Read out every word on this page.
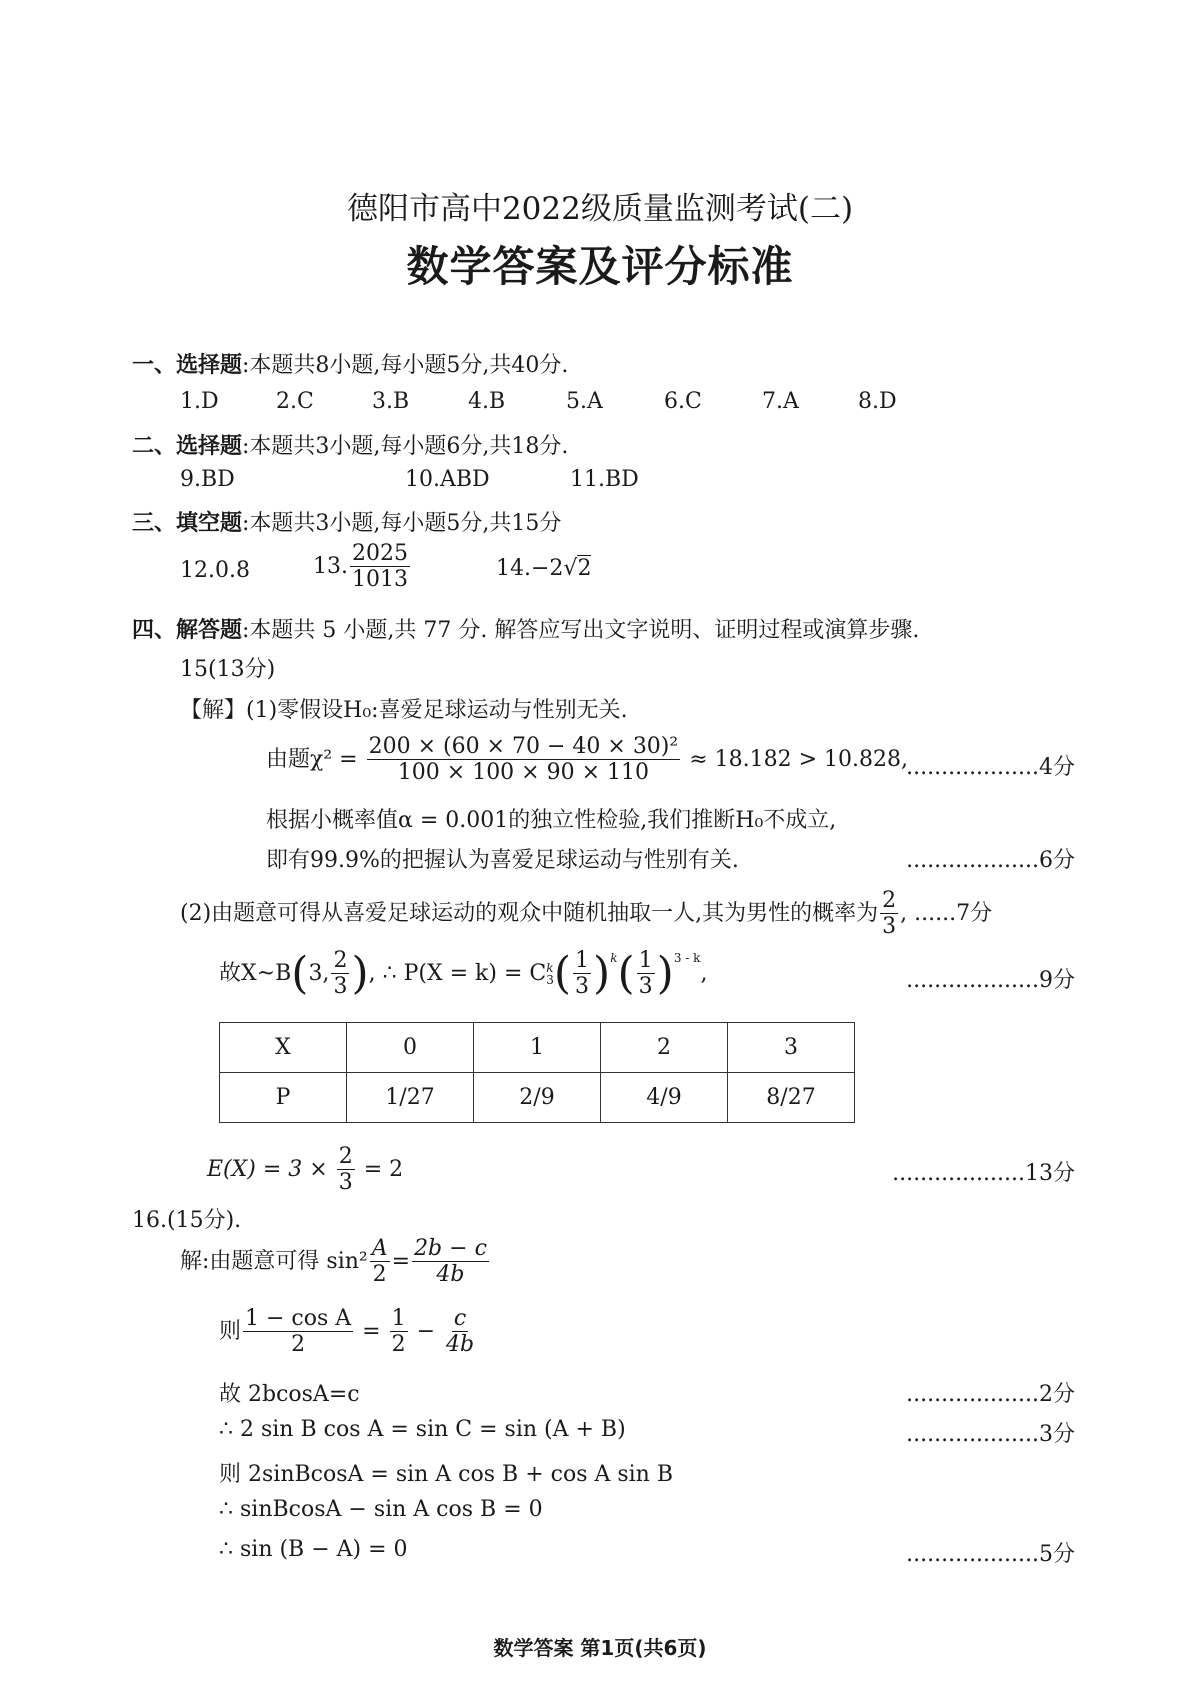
德阳市高中2022级质量监测考试(二)
数学答案及评分标准
一、选择题:本题共8小题,每小题5分,共40分.
1.D	2.C	3.B	4.B	5.A	6.C	7.A	8.D
二、选择题:本题共3小题,每小题6分,共18分.
9.BD	10.ABD	11.BD
三、填空题:本题共3小题,每小题5分,共15分
12.0.8	13. $\frac{2025}{1013}$	14.−2√2
四、解答题:本题共 5 小题,共 77 分. 解答应写出文字说明、证明过程或演算步骤.
15(13分)
【解】(1)零假设H₀:喜爱足球运动与性别无关.
由题$\chi^2 = \frac{\text{200 × (60 × 70 − 40 × 30)²}}{100 \times 100 \times 90 \times 110} \approx 18.182 > 10.828$,
...................4分
根据小概率值α = 0.001的独立性检验,我们推断H₀不成立,
即有99.9%的把握认为喜爱足球运动与性别有关.	...................6分
(2)由题意可得从喜爱足球运动的观众中随机抽取一人,其为男性的概率为 $\frac{2}{3}$ , ......7分
故X~B(3, $\frac{2}{3}$ ), ∴ P(X = k) = C k
3 ( $\frac{1}{3} )^k( \frac{1}{3} )^{3 - k}$,	...................9分
X	0	1	2	3
P	1/27	2/9	4/9	8/27
$E(X) = 3 \times \frac{2}{3} = 2$	...................13分
16.(15分).
解:由题意可得 $\sin^2 \frac{A}{2} = \frac{2b - c}{4b}$
则 $\frac{\text{1 − cos A}}{2} = \frac{1}{2} - \frac{c}{4b}$
故 2bcosA=c	...................2分
∴ 2 sin B cos A = sin C = sin (A + B)	...................3分
则 2sinBcosA = sin A cos B + cos A sin B
∴ sinBcosA − sin A cos B = 0
∴ sin (B − A) = 0	...................5分
数学答案 第1页(共6页)
